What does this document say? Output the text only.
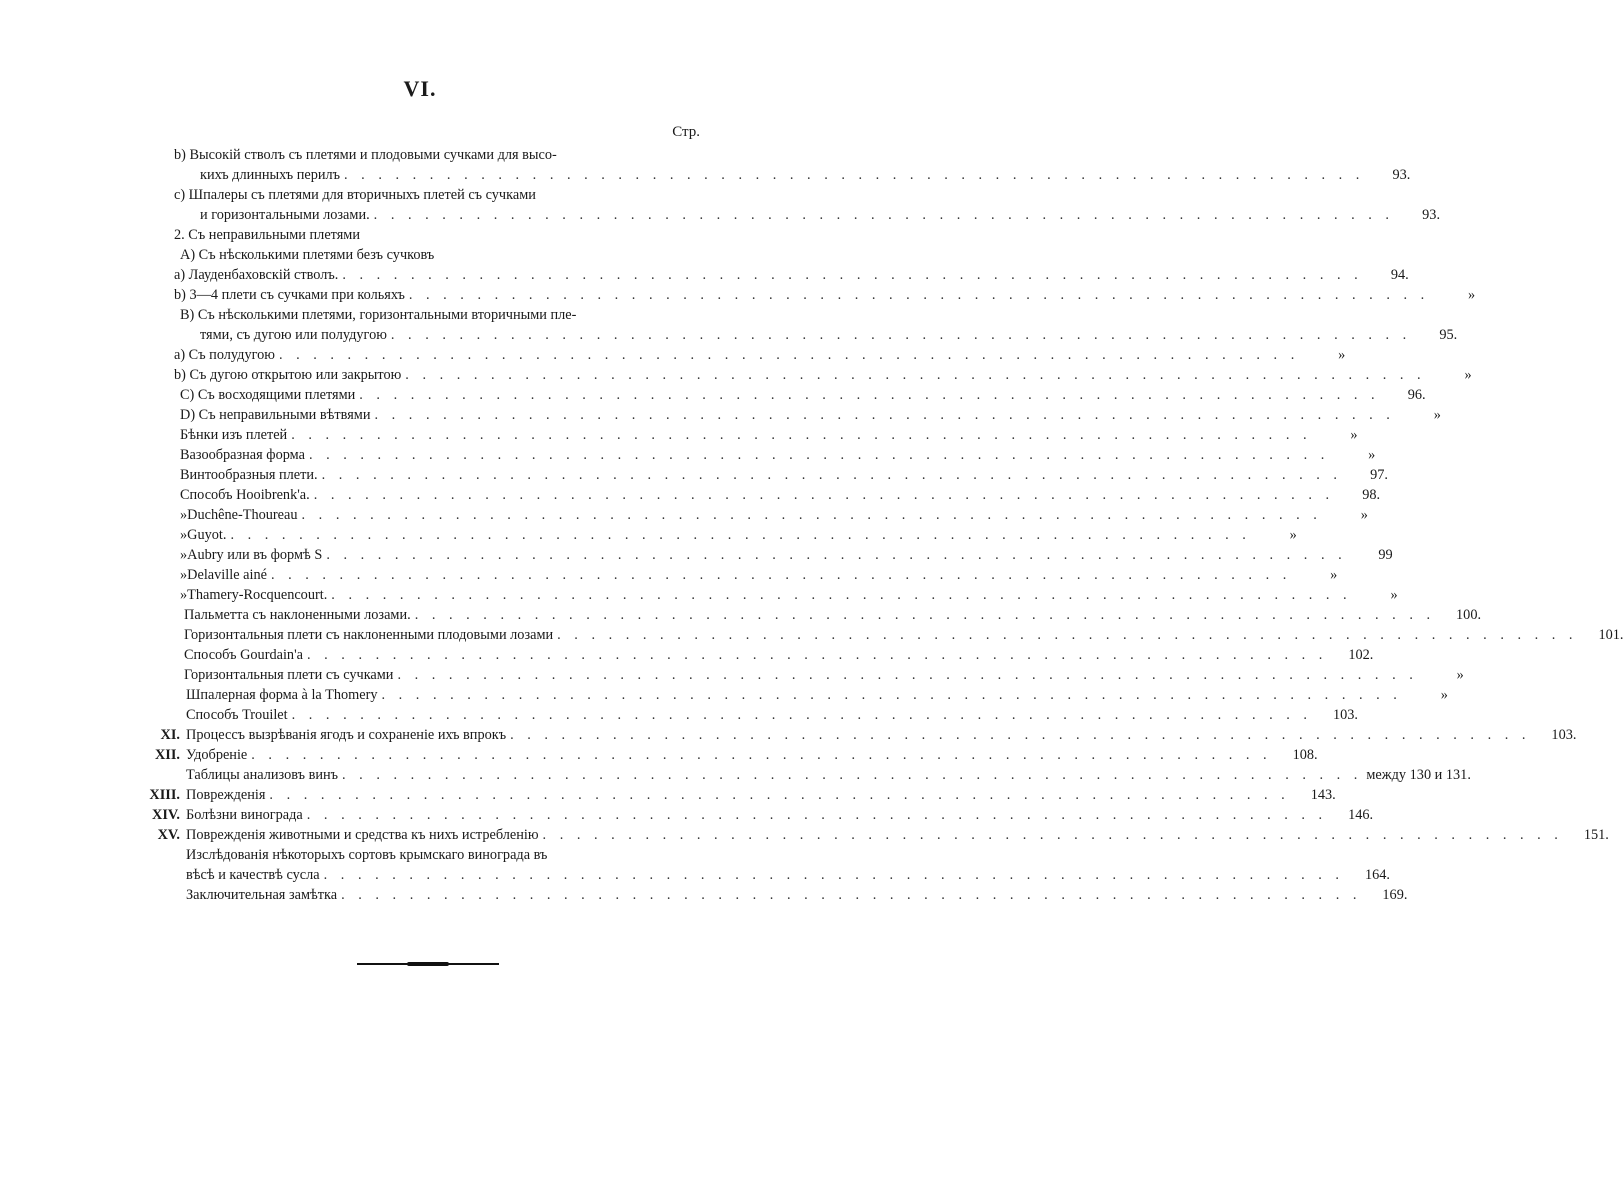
VI.
Стр.
b) Высокій стволъ съ плетями и плодовыми сучками для высо-
кихъ длинныхъ перилъ . . . . . . . . . . . . . . . . . . . . . . . . . . . . . . . . . . . . . . . . . . . . . . . . . . . . . . . . . . . .	93.
c) Шпалеры съ плетями для вторичныхъ плетей съ сучками
и горизонтальными лозами. . . . . . . . . . . . . . . . . . . . . . . . . . . . . . . . . . . . . . . . . . . . . . . . . . . . . . . . . . . . .	93.
2. Съ неправильными плетями
A) Съ нѣсколькими плетями безъ сучковъ
a) Лауденбаховскій стволъ. . . . . . . . . . . . . . . . . . . . . . . . . . . . . . . . . . . . . . . . . . . . . . . . . . . . . . . . . . . . .	94.
b) 3—4 плети съ сучками при кольяхъ . . . . . . . . . . . . . . . . . . . . . . . . . . . . . . . . . . . . . . . . . . . . . . . . . . . . . . . . . . . .	»
B) Съ нѣсколькими плетями, горизонтальными вторичными пле-
тями, съ дугою или полудугою . . . . . . . . . . . . . . . . . . . . . . . . . . . . . . . . . . . . . . . . . . . . . . . . . . . . . . . . . . . .	95.
a) Съ полудугою . . . . . . . . . . . . . . . . . . . . . . . . . . . . . . . . . . . . . . . . . . . . . . . . . . . . . . . . . . . .	»
b) Съ дугою открытою или закрытою . . . . . . . . . . . . . . . . . . . . . . . . . . . . . . . . . . . . . . . . . . . . . . . . . . . . . . . . . . . .	»
C) Съ восходящими плетями . . . . . . . . . . . . . . . . . . . . . . . . . . . . . . . . . . . . . . . . . . . . . . . . . . . . . . . . . . . .	96.
D) Съ неправильными вѣтвями . . . . . . . . . . . . . . . . . . . . . . . . . . . . . . . . . . . . . . . . . . . . . . . . . . . . . . . . . . . .	»
Бѣнки изъ плетей . . . . . . . . . . . . . . . . . . . . . . . . . . . . . . . . . . . . . . . . . . . . . . . . . . . . . . . . . . . .	»
Вазообразная форма . . . . . . . . . . . . . . . . . . . . . . . . . . . . . . . . . . . . . . . . . . . . . . . . . . . . . . . . . . . .	»
Винтообразныя плети. . . . . . . . . . . . . . . . . . . . . . . . . . . . . . . . . . . . . . . . . . . . . . . . . . . . . . . . . . . . .	97.
Способъ Hooibrenk'a. . . . . . . . . . . . . . . . . . . . . . . . . . . . . . . . . . . . . . . . . . . . . . . . . . . . . . . . . . . . .	98.
» Duchêne-Thoureau . . . . . . . . . . . . . . . . . . . . . . . . . . . . . . . . . . . . . . . . . . . . . . . . . . . . . . . . . . . .	»
» Guyot. . . . . . . . . . . . . . . . . . . . . . . . . . . . . . . . . . . . . . . . . . . . . . . . . . . . . . . . . . . . .	»
» Aubry или въ формѣ S . . . . . . . . . . . . . . . . . . . . . . . . . . . . . . . . . . . . . . . . . . . . . . . . . . . . . . . . . . . .	99
» Delaville ainé . . . . . . . . . . . . . . . . . . . . . . . . . . . . . . . . . . . . . . . . . . . . . . . . . . . . . . . . . . . .	»
» Thamery-Rocquencourt. . . . . . . . . . . . . . . . . . . . . . . . . . . . . . . . . . . . . . . . . . . . . . . . . . . . . . . . . . . . .	»
Пальметта съ наклоненными лозами. . . . . . . . . . . . . . . . . . . . . . . . . . . . . . . . . . . . . . . . . . . . . . . . . . . . . . . . . . . . .	100.
Горизонтальныя плети съ наклоненными плодовыми лозами . . . . . . . . . . . . . . . . . . . . . . . . . . . . . . . . . . . . . . . . . . . . . . . . . . . . . . . . . . . .	101.
Способъ Gourdain'a . . . . . . . . . . . . . . . . . . . . . . . . . . . . . . . . . . . . . . . . . . . . . . . . . . . . . . . . . . . .	102.
Горизонтальныя плети съ сучками . . . . . . . . . . . . . . . . . . . . . . . . . . . . . . . . . . . . . . . . . . . . . . . . . . . . . . . . . . . .	»
Шпалерная форма à la Thomery . . . . . . . . . . . . . . . . . . . . . . . . . . . . . . . . . . . . . . . . . . . . . . . . . . . . . . . . . . . .	»
Способъ Trouilet . . . . . . . . . . . . . . . . . . . . . . . . . . . . . . . . . . . . . . . . . . . . . . . . . . . . . . . . . . . .	103.
XI. Процессъ вызрѣванія ягодъ и сохраненіе ихъ впрокъ . . . . . . . . . . . . . . . . . . . . . . . . . . . . . . . . . . . . . . . . . . . . . . . . . . . . . . . . . . . .	103.
XII. Удобреніе . . . . . . . . . . . . . . . . . . . . . . . . . . . . . . . . . . . . . . . . . . . . . . . . . . . . . . . . . . . .	108.
Таблицы анализовъ винъ . . . . . . . . . . . . . . . . . . . . . . . . . . . . . . . . . . . . . . . . . . . . . . . . . . . . . . . . . . . . между 130 и 131.
XIII. Поврежденія . . . . . . . . . . . . . . . . . . . . . . . . . . . . . . . . . . . . . . . . . . . . . . . . . . . . . . . . . . . .	143.
XIV. Болѣзни винограда . . . . . . . . . . . . . . . . . . . . . . . . . . . . . . . . . . . . . . . . . . . . . . . . . . . . . . . . . . . .	146.
XV. Поврежденія животными и средства къ нихъ истребленію . . . . . . . . . . . . . . . . . . . . . . . . . . . . . . . . . . . . . . . . . . . . . . . . . . . . . . . . . . . .	151.
Изслѣдованія нѣкоторыхъ сортовъ крымскаго винограда въ
вѣсѣ и качествѣ сусла . . . . . . . . . . . . . . . . . . . . . . . . . . . . . . . . . . . . . . . . . . . . . . . . . . . . . . . . . . . .	164.
Заключительная замѣтка . . . . . . . . . . . . . . . . . . . . . . . . . . . . . . . . . . . . . . . . . . . . . . . . . . . . . . . . . . . .	169.
